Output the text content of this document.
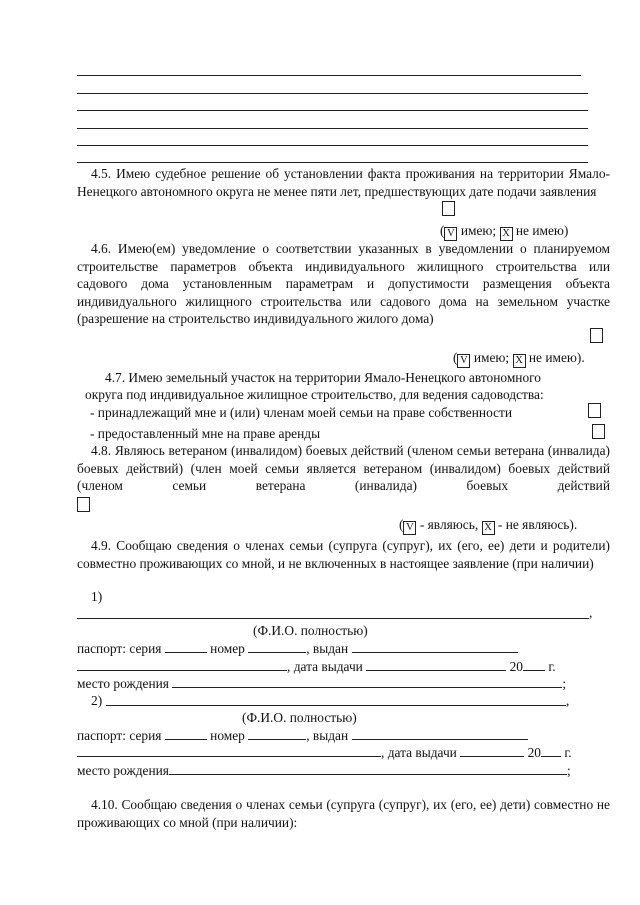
4.5. Имею судебное решение об установлении факта проживания на территории Ямало-Ненецкого автономного округа не менее пяти лет, предшествующих дате подачи заявления
( V имею; X не имею)
4.6. Имею(ем) уведомление о соответствии указанных в уведомлении о планируемом строительстве параметров объекта индивидуального жилищного строительства или садового дома установленным параметрам и допустимости размещения объекта индивидуального жилищного строительства или садового дома на земельном участке (разрешение на строительство индивидуального жилого дома)
( V имею; X не имею).
4.7. Имею земельный участок на территории Ямало-Ненецкого автономного
округа под индивидуальное жилищное строительство, для ведения садоводства:
- принадлежащий мне и (или) членам моей семьи на праве собственности
- предоставленный мне на праве аренды
4.8. Являюсь ветераном (инвалидом) боевых действий (членом семьи ветерана (инвалида) боевых действий) (член моей семьи является ветераном (инвалидом) боевых действий (членом семьи ветерана (инвалида) боевых действий
( V - являюсь, X - не являюсь).
4.9. Сообщаю сведения о членах семьи (супруга (супруг), их (его, ее) дети и родители) совместно проживающих со мной, и не включенных в настоящее заявление (при наличии)
1)
,
(Ф.И.О. полностью)
паспорт: серия	номер	, выдан
, дата выдачи	20 г.
место рождения	;
2)	,
(Ф.И.О. полностью)
паспорт: серия	номер	, выдан
, дата выдачи	20 г.
место рождения	;
4.10. Сообщаю сведения о членах семьи (супруга (супруг), их (его, ее) дети) совместно не проживающих со мной (при наличии):
